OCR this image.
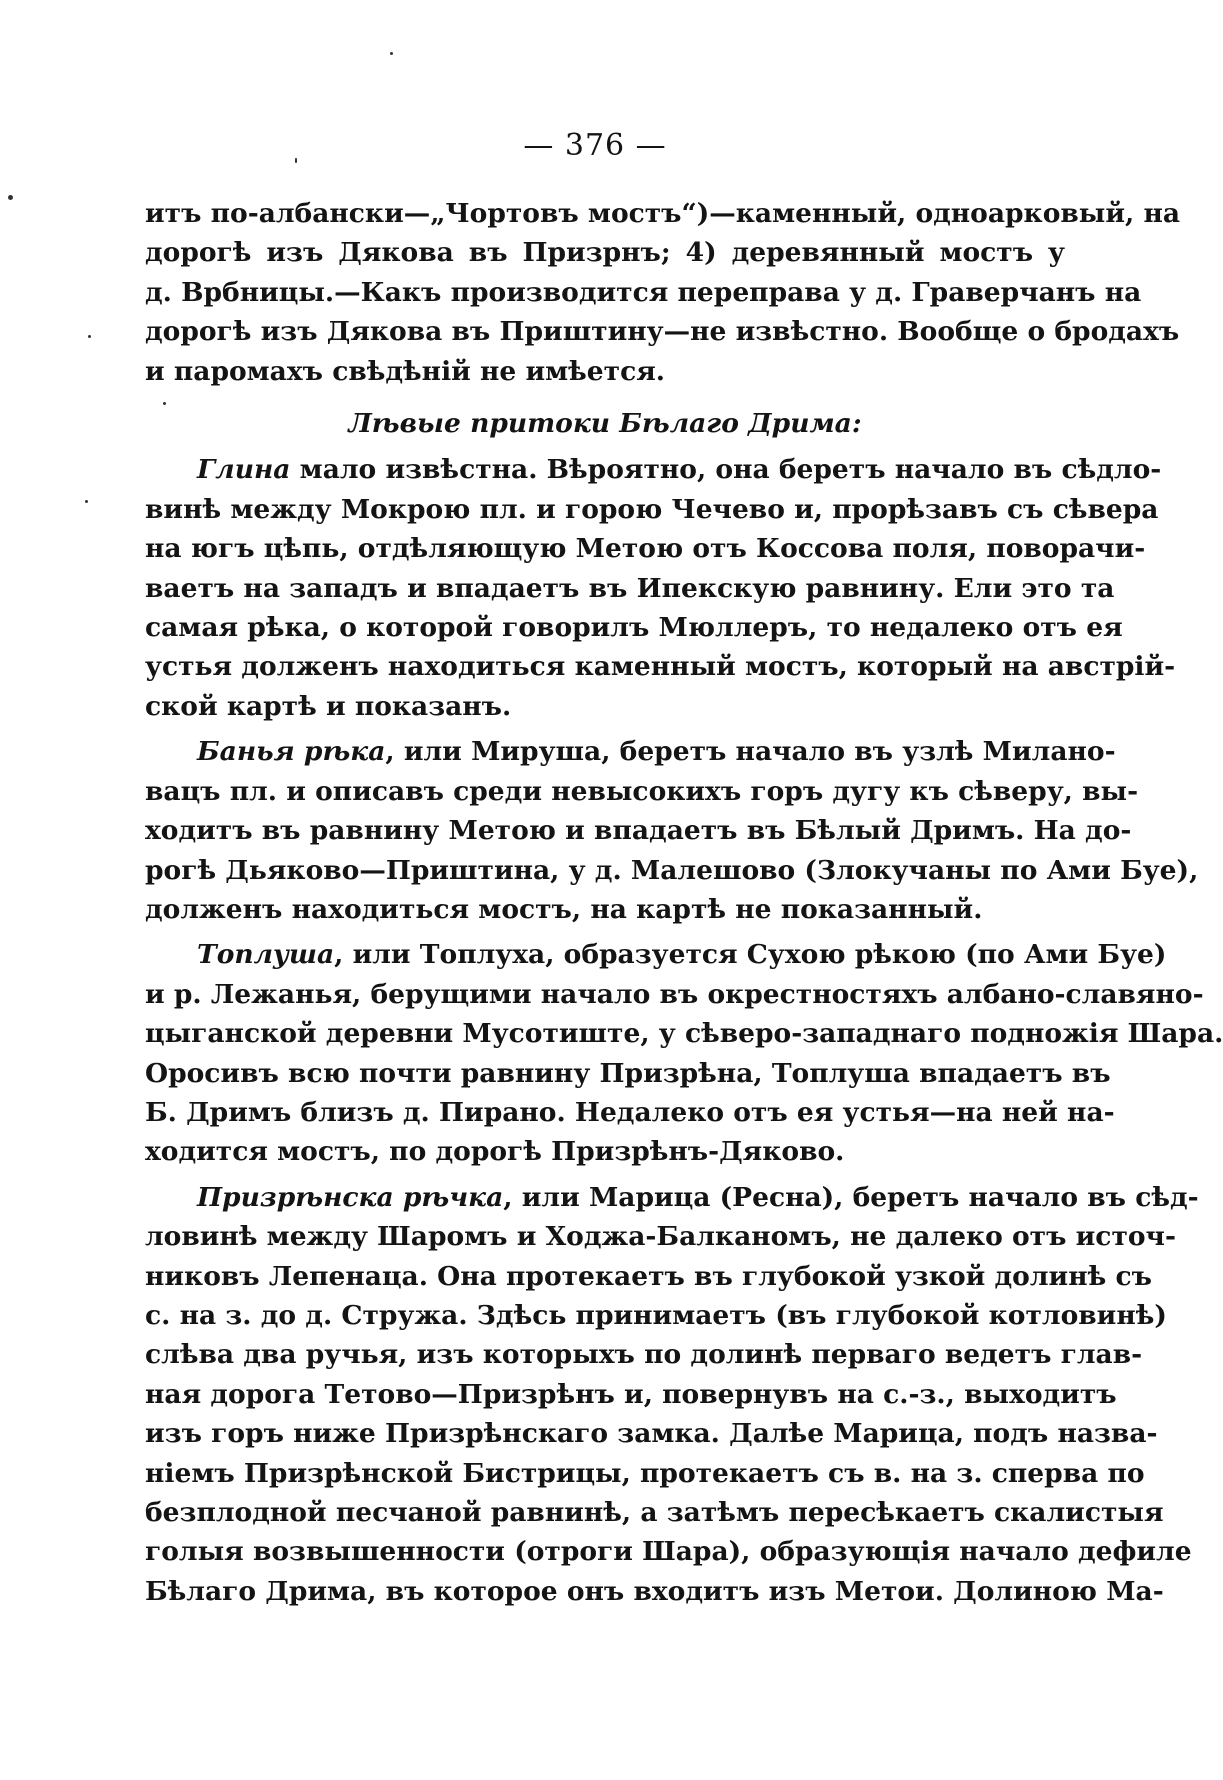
— 376 —
итъ по-албански—„Чортовъ мостъ“)—каменный, одноарковый, на
дорогѣ изъ Дякова въ Призрнъ; 4) деревянный мостъ у
д. Врбницы.—Какъ производится переправа у д. Граверчанъ на
дорогѣ изъ Дякова въ Приштину—не извѣстно. Вообще о бродахъ
и паромахъ свѣдѣній не имѣется.
Лѣвые притоки Бѣлаго Дрима:
Глина мало извѣстна. Вѣроятно, она беретъ начало въ сѣдло-
винѣ между Мокрою пл. и горою Чечево и, прорѣзавъ съ сѣвера
на югъ цѣпь, отдѣляющую Метою отъ Коссова поля, поворачи-
ваетъ на западъ и впадаетъ въ Ипекскую равнину. Ели это та
самая рѣка, о которой говорилъ Мюллеръ, то недалеко отъ ея
устья долженъ находиться каменный мостъ, который на австрій-
ской картѣ и показанъ.
Банья рѣка, или Мируша, беретъ начало въ узлѣ Милано-
вацъ пл. и описавъ среди невысокихъ горъ дугу къ сѣверу, вы-
ходитъ въ равнину Метою и впадаетъ въ Бѣлый Дримъ. На до-
рогѣ Дьяково—Приштина, у д. Малешово (Злокучаны по Ами Буе),
долженъ находиться мостъ, на картѣ не показанный.
Топлуша, или Топлуха, образуется Сухою рѣкою (по Ами Буе)
и р. Лежанья, берущими начало въ окрестностяхъ албано-славяно-
цыганской деревни Мусотиште, у сѣверо-западнаго подножія Шара.
Оросивъ всю почти равнину Призрѣна, Топлуша впадаетъ въ
Б. Дримъ близъ д. Пирано. Недалеко отъ ея устья—на ней на-
ходится мостъ, по дорогѣ Призрѣнъ-Дяково.
Призрѣнска рѣчка, или Марица (Ресна), беретъ начало въ сѣд-
ловинѣ между Шаромъ и Ходжа-Балканомъ, не далеко отъ источ-
никовъ Лепенаца. Она протекаетъ въ глубокой узкой долинѣ съ
с. на з. до д. Стружа. Здѣсь принимаетъ (въ глубокой котловинѣ)
слѣва два ручья, изъ которыхъ по долинѣ перваго ведетъ глав-
ная дорога Тетово—Призрѣнъ и, повернувъ на с.-з., выходитъ
изъ горъ ниже Призрѣнскаго замка. Далѣе Марица, подъ назва-
ніемъ Призрѣнской Бистрицы, протекаетъ съ в. на з. сперва по
безплодной песчаной равнинѣ, а затѣмъ пересѣкаетъ скалистыя
голыя возвышенности (отроги Шара), образующія начало дефиле
Бѣлаго Дрима, въ которое онъ входитъ изъ Метои. Долиною Ма-
